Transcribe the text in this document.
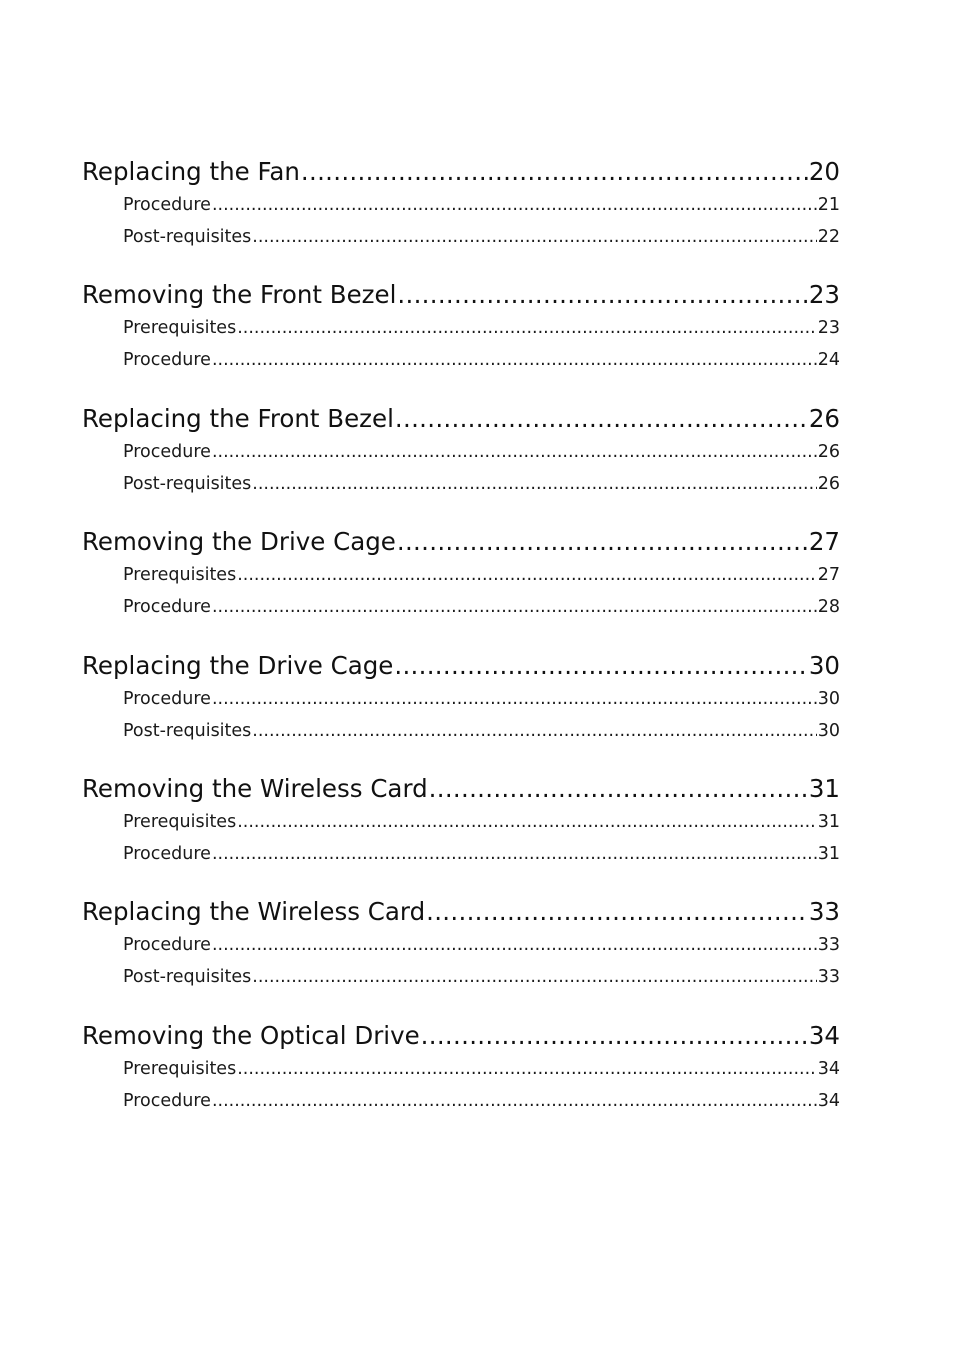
Replacing the Fan .....	20
Procedure .....	21
Post-requisites .....	22
Removing the Front Bezel .....	23
Prerequisites .....	23
Procedure .....	24
Replacing the Front Bezel .....	26
Procedure .....	26
Post-requisites .....	26
Removing the Drive Cage .....	27
Prerequisites .....	27
Procedure .....	28
Replacing the Drive Cage .....	30
Procedure .....	30
Post-requisites .....	30
Removing the Wireless Card .....	31
Prerequisites .....	31
Procedure .....	31
Replacing the Wireless Card .....	33
Procedure .....	33
Post-requisites .....	33
Removing the Optical Drive .....	34
Prerequisites .....	34
Procedure .....	34
